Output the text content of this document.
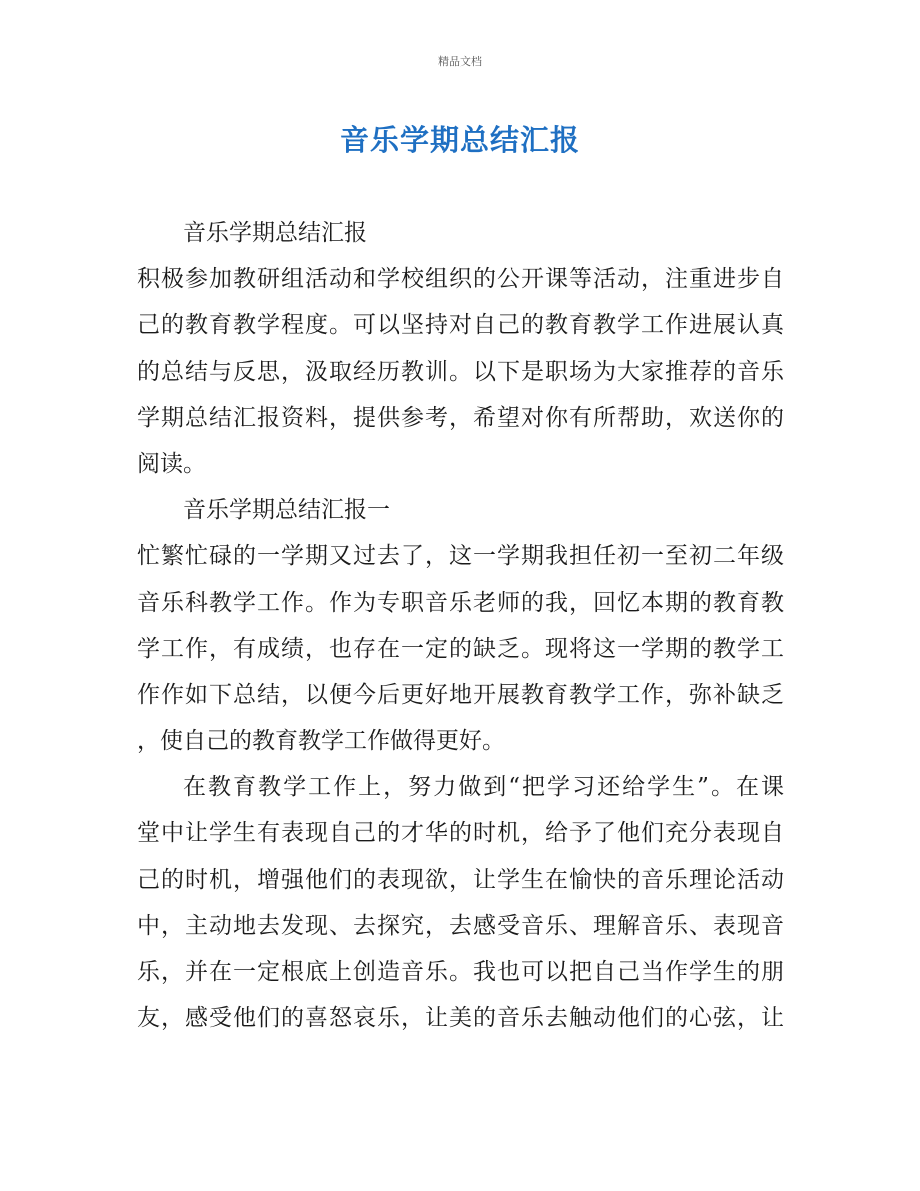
精品文档
音乐学期总结汇报
音乐学期总结汇报
积极参加教研组活动和学校组织的公开课等活动，注重进步自
己的教育教学程度。可以坚持对自己的教育教学工作进展认真
的总结与反思，汲取经历教训。以下是职场为大家推荐的音乐
学期总结汇报资料，提供参考，希望对你有所帮助，欢送你的
阅读。
音乐学期总结汇报一
忙繁忙碌的一学期又过去了，这一学期我担任初一至初二年级
音乐科教学工作。作为专职音乐老师的我，回忆本期的教育教
学工作，有成绩，也存在一定的缺乏。现将这一学期的教学工
作作如下总结，以便今后更好地开展教育教学工作，弥补缺乏
，使自己的教育教学工作做得更好。
在教育教学工作上，努力做到“把学习还给学生”。在课
堂中让学生有表现自己的才华的时机，给予了他们充分表现自
己的时机，增强他们的表现欲，让学生在愉快的音乐理论活动
中，主动地去发现、去探究，去感受音乐、理解音乐、表现音
乐，并在一定根底上创造音乐。我也可以把自己当作学生的朋
友，感受他们的喜怒哀乐，让美的音乐去触动他们的心弦，让
